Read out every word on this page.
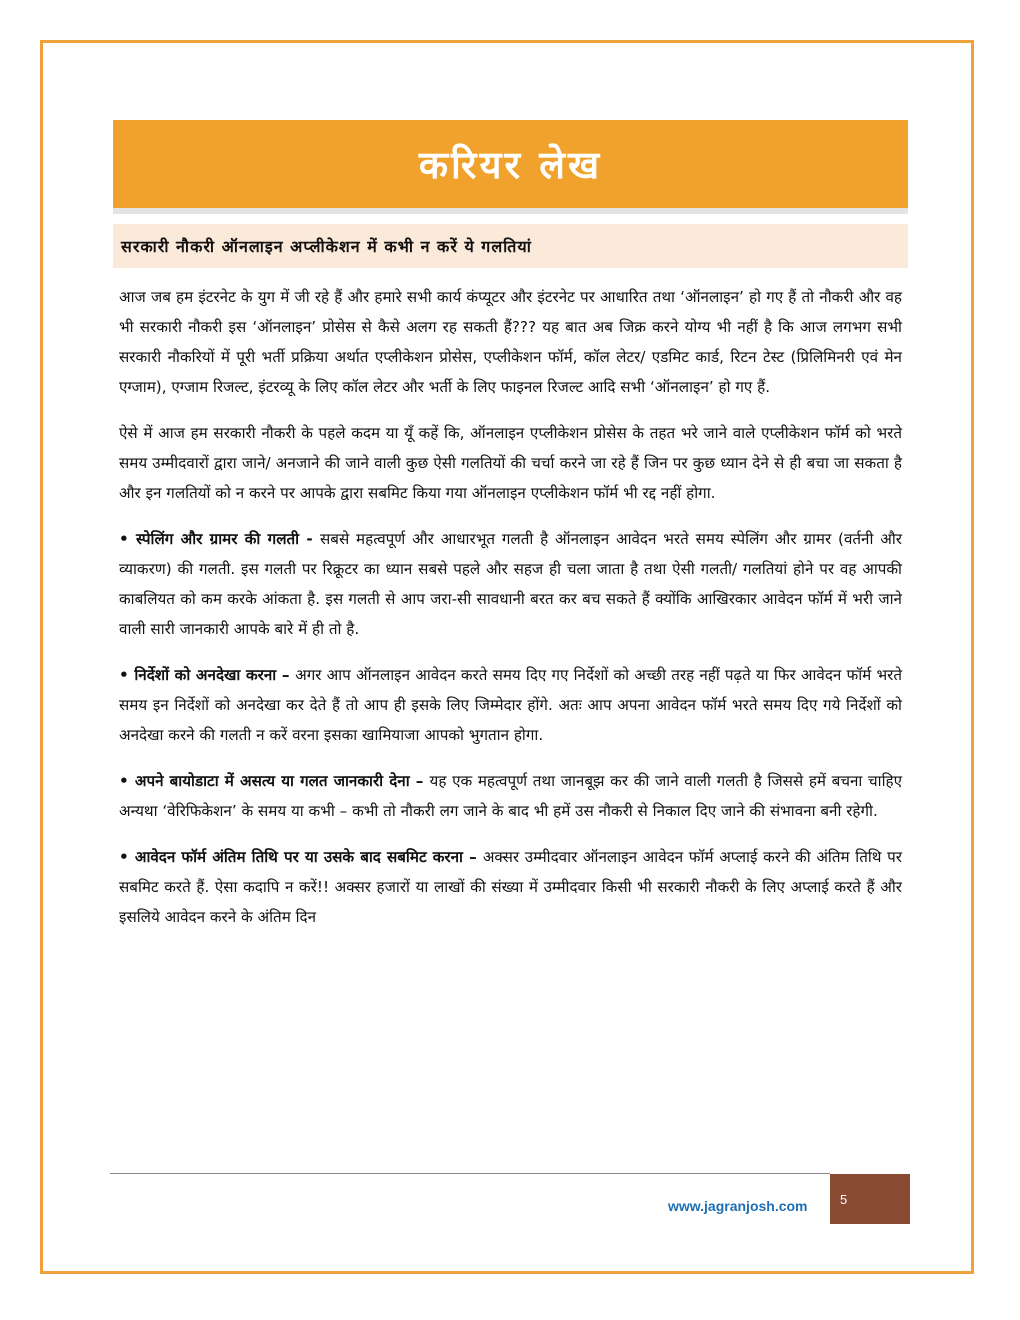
करियर लेख
सरकारी नौकरी ऑनलाइन अप्लीकेशन में कभी न करें ये गलतियां

आज जब हम इंटरनेट के युग में जी रहे हैं और हमारे सभी कार्य कंप्यूटर और इंटरनेट पर आधारित तथा ‘ऑनलाइन’ हो गए हैं तो नौकरी और वह भी सरकारी नौकरी इस ‘ऑनलाइन’ प्रोसेस से कैसे अलग रह सकती हैं??? यह बात अब जिक्र करने योग्य भी नहीं है कि आज लगभग सभी सरकारी नौकरियों में पूरी भर्ती प्रक्रिया अर्थात एप्लीकेशन प्रोसेस, एप्लीकेशन फॉर्म, कॉल लेटर/ एडमिट कार्ड, रिटन टेस्ट (प्रिलिमिनरी एवं मेन एग्जाम), एग्जाम रिजल्ट, इंटरव्यू के लिए कॉल लेटर और भर्ती के लिए फाइनल रिजल्ट आदि सभी ‘ऑनलाइन’ हो गए हैं.

ऐसे में आज हम सरकारी नौकरी के पहले कदम या यूँ कहें कि, ऑनलाइन एप्लीकेशन प्रोसेस के तहत भरे जाने वाले एप्लीकेशन फॉर्म को भरते समय उम्मीदवारों द्वारा जाने/ अनजाने की जाने वाली कुछ ऐसी गलतियों की चर्चा करने जा रहे हैं जिन पर कुछ ध्यान देने से ही बचा जा सकता है और इन गलतियों को न करने पर आपके द्वारा सबमिट किया गया ऑनलाइन एप्लीकेशन फॉर्म भी रद्द नहीं होगा.

• स्पेलिंग और ग्रामर की गलती - सबसे महत्वपूर्ण और आधारभूत गलती है ऑनलाइन आवेदन भरते समय स्पेलिंग और ग्रामर (वर्तनी और व्याकरण) की गलती. इस गलती पर रिक्रूटर का ध्यान सबसे पहले और सहज ही चला जाता है तथा ऐसी गलती/ गलतियां होने पर वह आपकी काबलियत को कम करके आंकता है. इस गलती से आप जरा-सी सावधानी बरत कर बच सकते हैं क्योंकि आखिरकार आवेदन फॉर्म में भरी जाने वाली सारी जानकारी आपके बारे में ही तो है.

• निर्देशों को अनदेखा करना – अगर आप ऑनलाइन आवेदन करते समय दिए गए निर्देशों को अच्छी तरह नहीं पढ़ते या फिर आवेदन फॉर्म भरते समय इन निर्देशों को अनदेखा कर देते हैं तो आप ही इसके लिए जिम्मेदार होंगे. अतः आप अपना आवेदन फॉर्म भरते समय दिए गये निर्देशों को अनदेखा करने की गलती न करें वरना इसका खामियाजा आपको भुगतान होगा.

• अपने बायोडाटा में असत्य या गलत जानकारी देना – यह एक महत्वपूर्ण तथा जानबूझ कर की जाने वाली गलती है जिससे हमें बचना चाहिए अन्यथा ‘वेरिफिकेशन’ के समय या कभी – कभी तो नौकरी लग जाने के बाद भी हमें उस नौकरी से निकाल दिए जाने की संभावना बनी रहेगी.

• आवेदन फॉर्म अंतिम तिथि पर या उसके बाद सबमिट करना – अक्सर उम्मीदवार ऑनलाइन आवेदन फॉर्म अप्लाई करने की अंतिम तिथि पर सबमिट करते हैं. ऐसा कदापि न करें!! अक्सर हजारों या लाखों की संख्या में उम्मीदवार किसी भी सरकारी नौकरी के लिए अप्लाई करते हैं और इसलिये आवेदन करने के अंतिम दिन

www.jagranjosh.com	5
